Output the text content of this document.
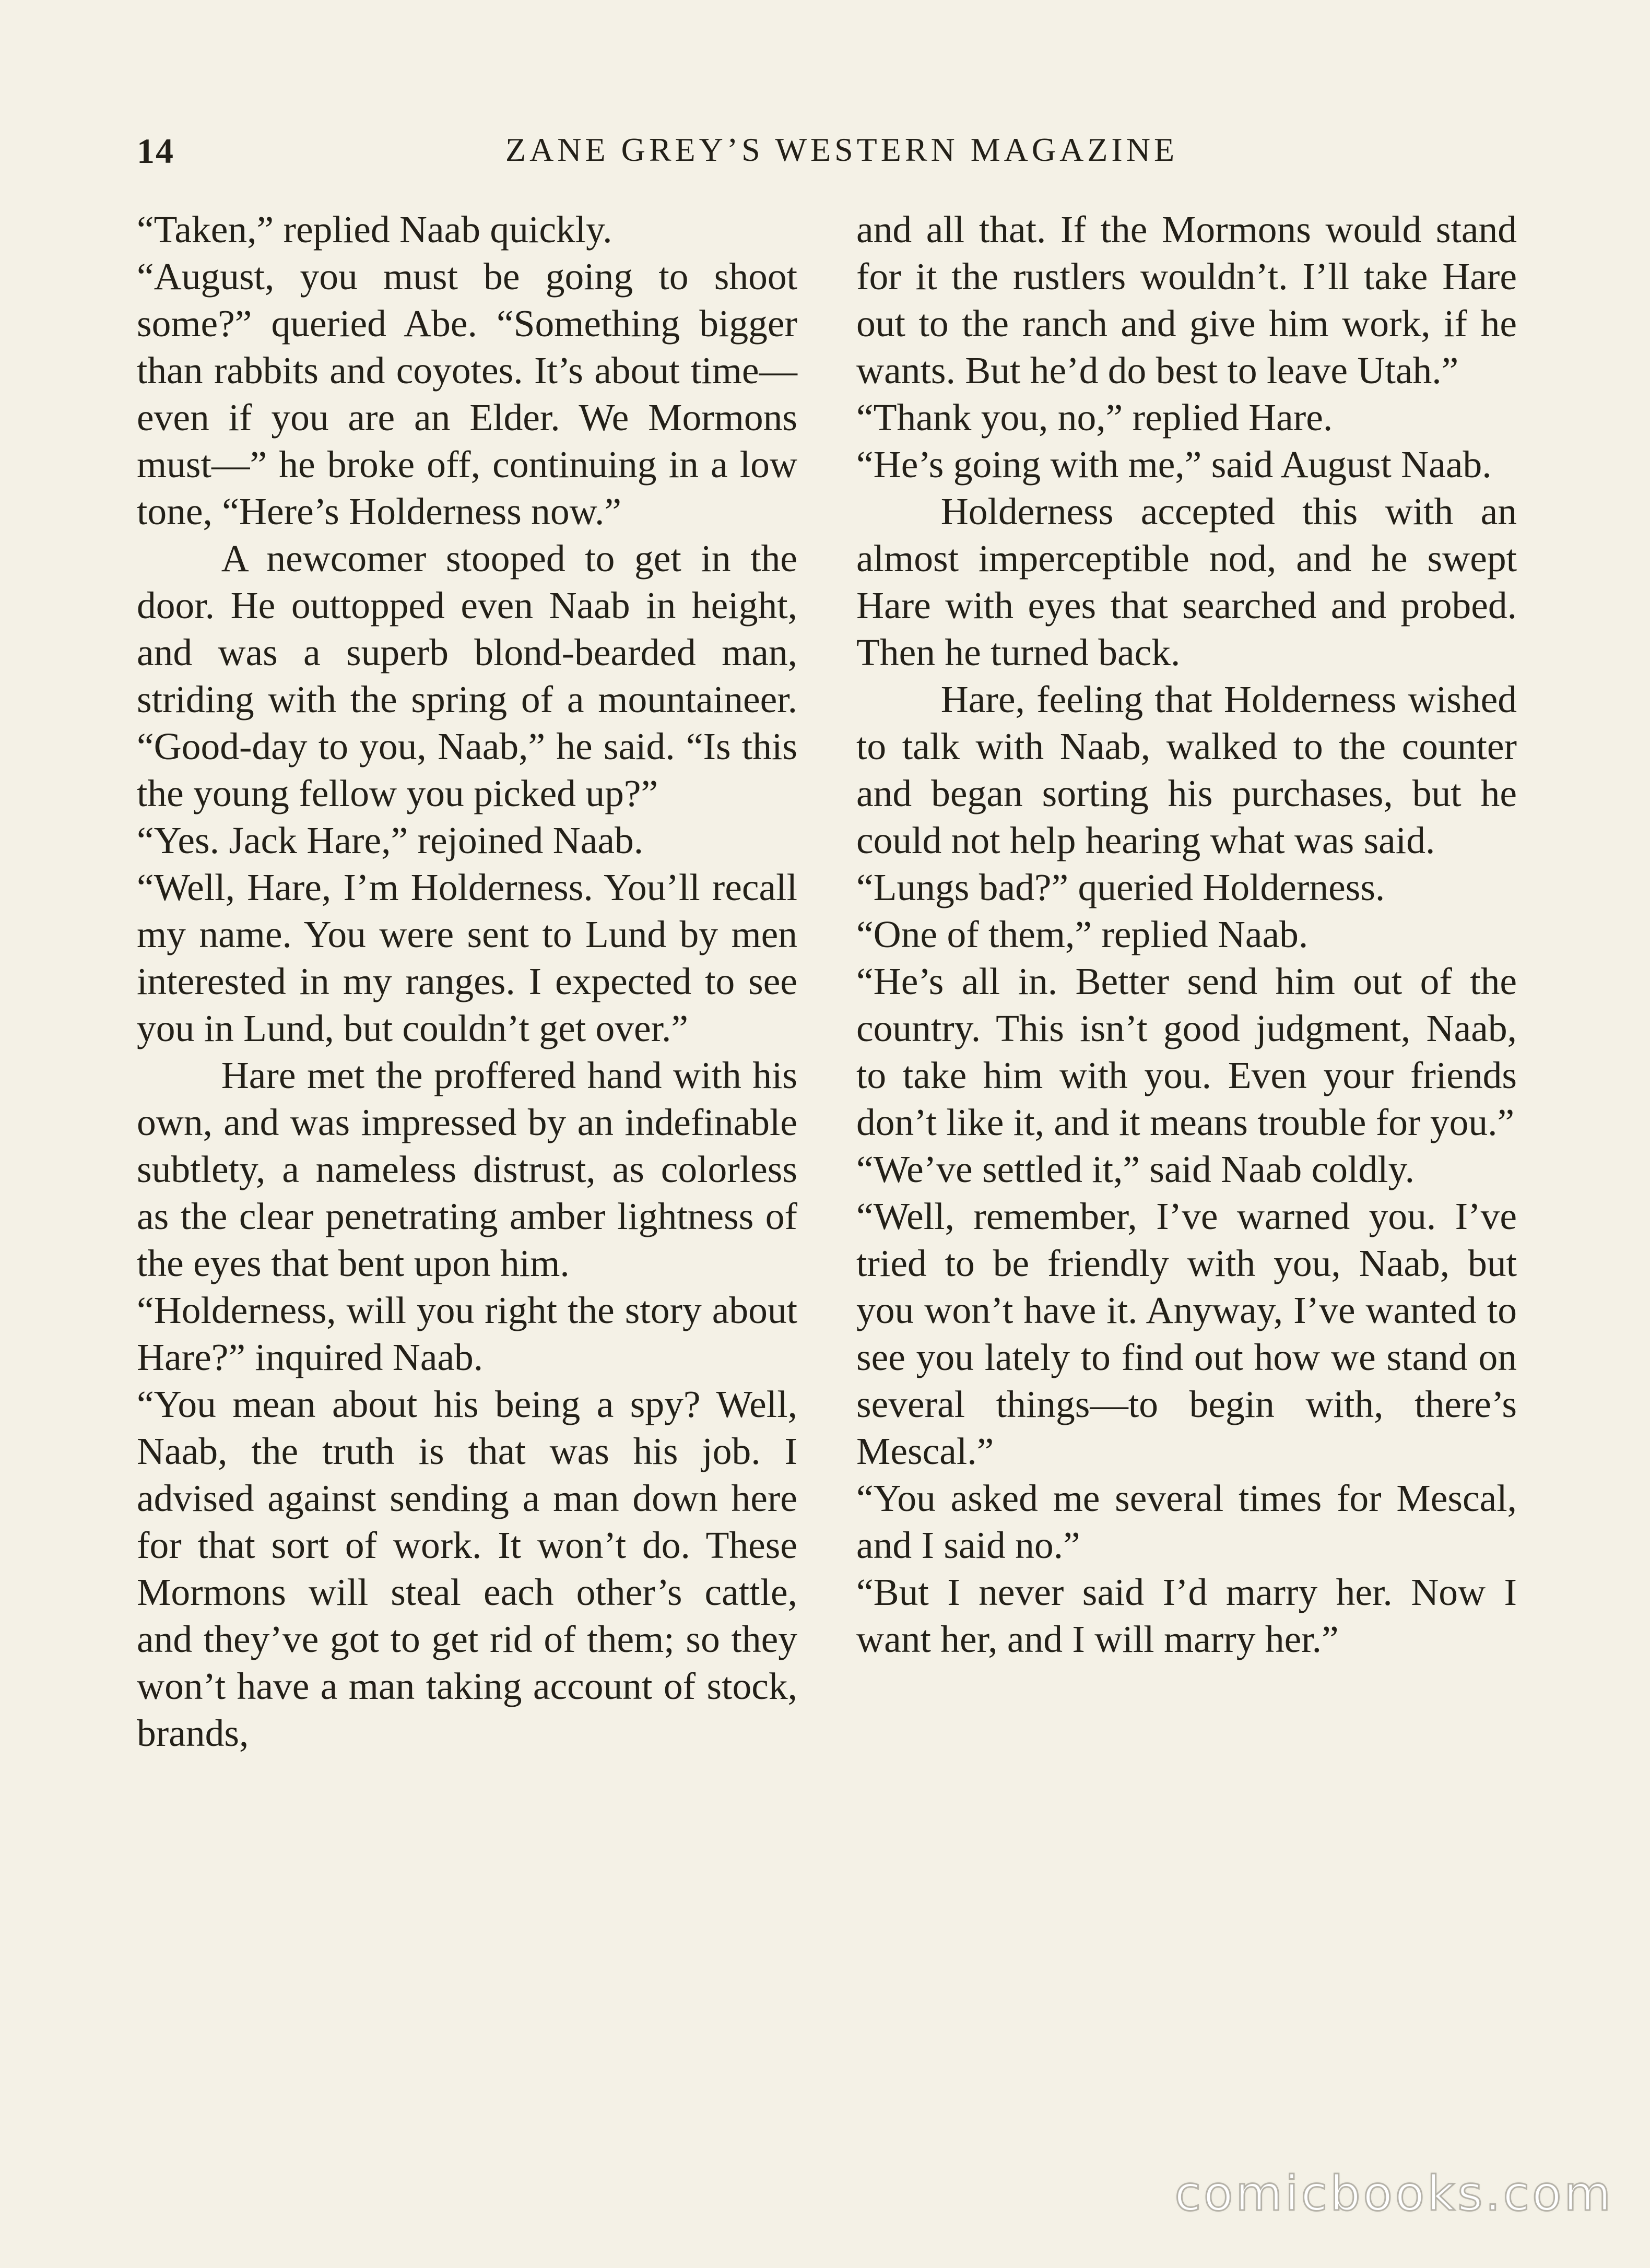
14	ZANE GREY’S WESTERN MAGAZINE

“Taken,” replied Naab quickly.

“August, you must be going to shoot some?” queried Abe. “Something bigger than rabbits and coyotes. It’s about time—even if you are an Elder. We Mormons must—” he broke off, continuing in a low tone, “Here’s Holderness now.”

A newcomer stooped to get in the door. He outtopped even Naab in height, and was a superb blond-bearded man, striding with the spring of a mountaineer. “Good-day to you, Naab,” he said. “Is this the young fellow you picked up?”

“Yes. Jack Hare,” rejoined Naab.

“Well, Hare, I’m Holderness. You’ll recall my name. You were sent to Lund by men interested in my ranges. I expected to see you in Lund, but couldn’t get over.”

Hare met the proffered hand with his own, and was impressed by an indefinable subtlety, a nameless distrust, as colorless as the clear penetrating amber lightness of the eyes that bent upon him.

“Holderness, will you right the story about Hare?” inquired Naab.

“You mean about his being a spy? Well, Naab, the truth is that was his job. I advised against sending a man down here for that sort of work. It won’t do. These Mormons will steal each other’s cattle, and they’ve got to get rid of them; so they won’t have a man taking account of stock, brands,

and all that. If the Mormons would stand for it the rustlers wouldn’t. I’ll take Hare out to the ranch and give him work, if he wants. But he’d do best to leave Utah.”

“Thank you, no,” replied Hare.

“He’s going with me,” said August Naab.

Holderness accepted this with an almost imperceptible nod, and he swept Hare with eyes that searched and probed. Then he turned back.

Hare, feeling that Holderness wished to talk with Naab, walked to the counter and began sorting his purchases, but he could not help hearing what was said.

“Lungs bad?” queried Holderness.

“One of them,” replied Naab.

“He’s all in. Better send him out of the country. This isn’t good judgment, Naab, to take him with you. Even your friends don’t like it, and it means trouble for you.”

“We’ve settled it,” said Naab coldly.

“Well, remember, I’ve warned you. I’ve tried to be friendly with you, Naab, but you won’t have it. Anyway, I’ve wanted to see you lately to find out how we stand on several things—to begin with, there’s Mescal.”

“You asked me several times for Mescal, and I said no.”

“But I never said I’d marry her. Now I want her, and I will marry her.”

comicbooks.com
